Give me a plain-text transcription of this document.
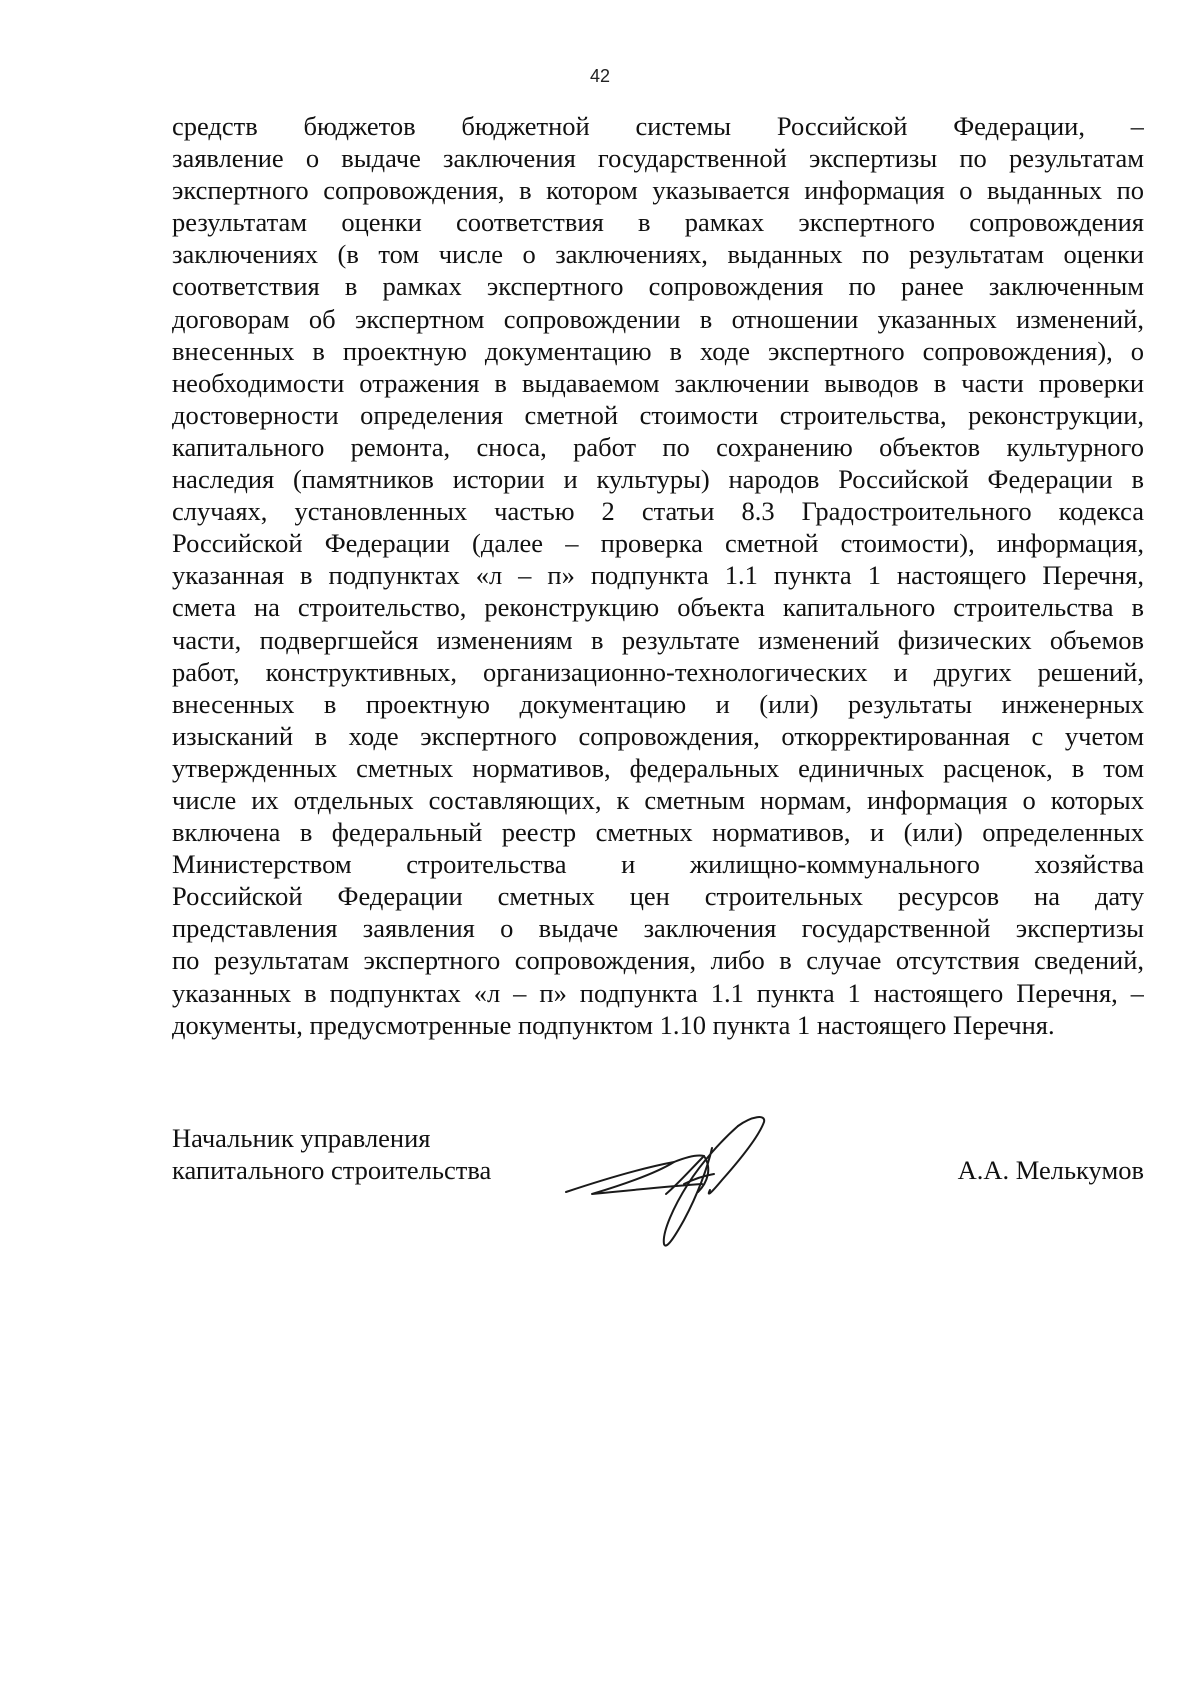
42
средств бюджетов бюджетной системы Российской Федерации, –
заявление о выдаче заключения государственной экспертизы по результатам
экспертного сопровождения, в котором указывается информация о выданных по
результатам оценки соответствия в рамках экспертного сопровождения
заключениях (в том числе о заключениях, выданных по результатам оценки
соответствия в рамках экспертного сопровождения по ранее заключенным
договорам об экспертном сопровождении в отношении указанных изменений,
внесенных в проектную документацию в ходе экспертного сопровождения), о
необходимости отражения в выдаваемом заключении выводов в части проверки
достоверности определения сметной стоимости строительства, реконструкции,
капитального ремонта, сноса, работ по сохранению объектов культурного
наследия (памятников истории и культуры) народов Российской Федерации в
случаях, установленных частью 2 статьи 8.3 Градостроительного кодекса
Российской Федерации (далее – проверка сметной стоимости), информация,
указанная в подпунктах «л – п» подпункта 1.1 пункта 1 настоящего Перечня,
смета на строительство, реконструкцию объекта капитального строительства в
части, подвергшейся изменениям в результате изменений физических объемов
работ, конструктивных, организационно-технологических и других решений,
внесенных в проектную документацию и (или) результаты инженерных
изысканий в ходе экспертного сопровождения, откорректированная с учетом
утвержденных сметных нормативов, федеральных единичных расценок, в том
числе их отдельных составляющих, к сметным нормам, информация о которых
включена в федеральный реестр сметных нормативов, и (или) определенных
Министерством строительства и жилищно-коммунального хозяйства
Российской Федерации сметных цен строительных ресурсов на дату
представления заявления о выдаче заключения государственной экспертизы
по результатам экспертного сопровождения, либо в случае отсутствия сведений,
указанных в подпунктах «л – п» подпункта 1.1 пункта 1 настоящего Перечня, –
документы, предусмотренные подпунктом 1.10 пункта 1 настоящего Перечня.
Начальник управления
капитального строительства	А.А. Мелькумов
